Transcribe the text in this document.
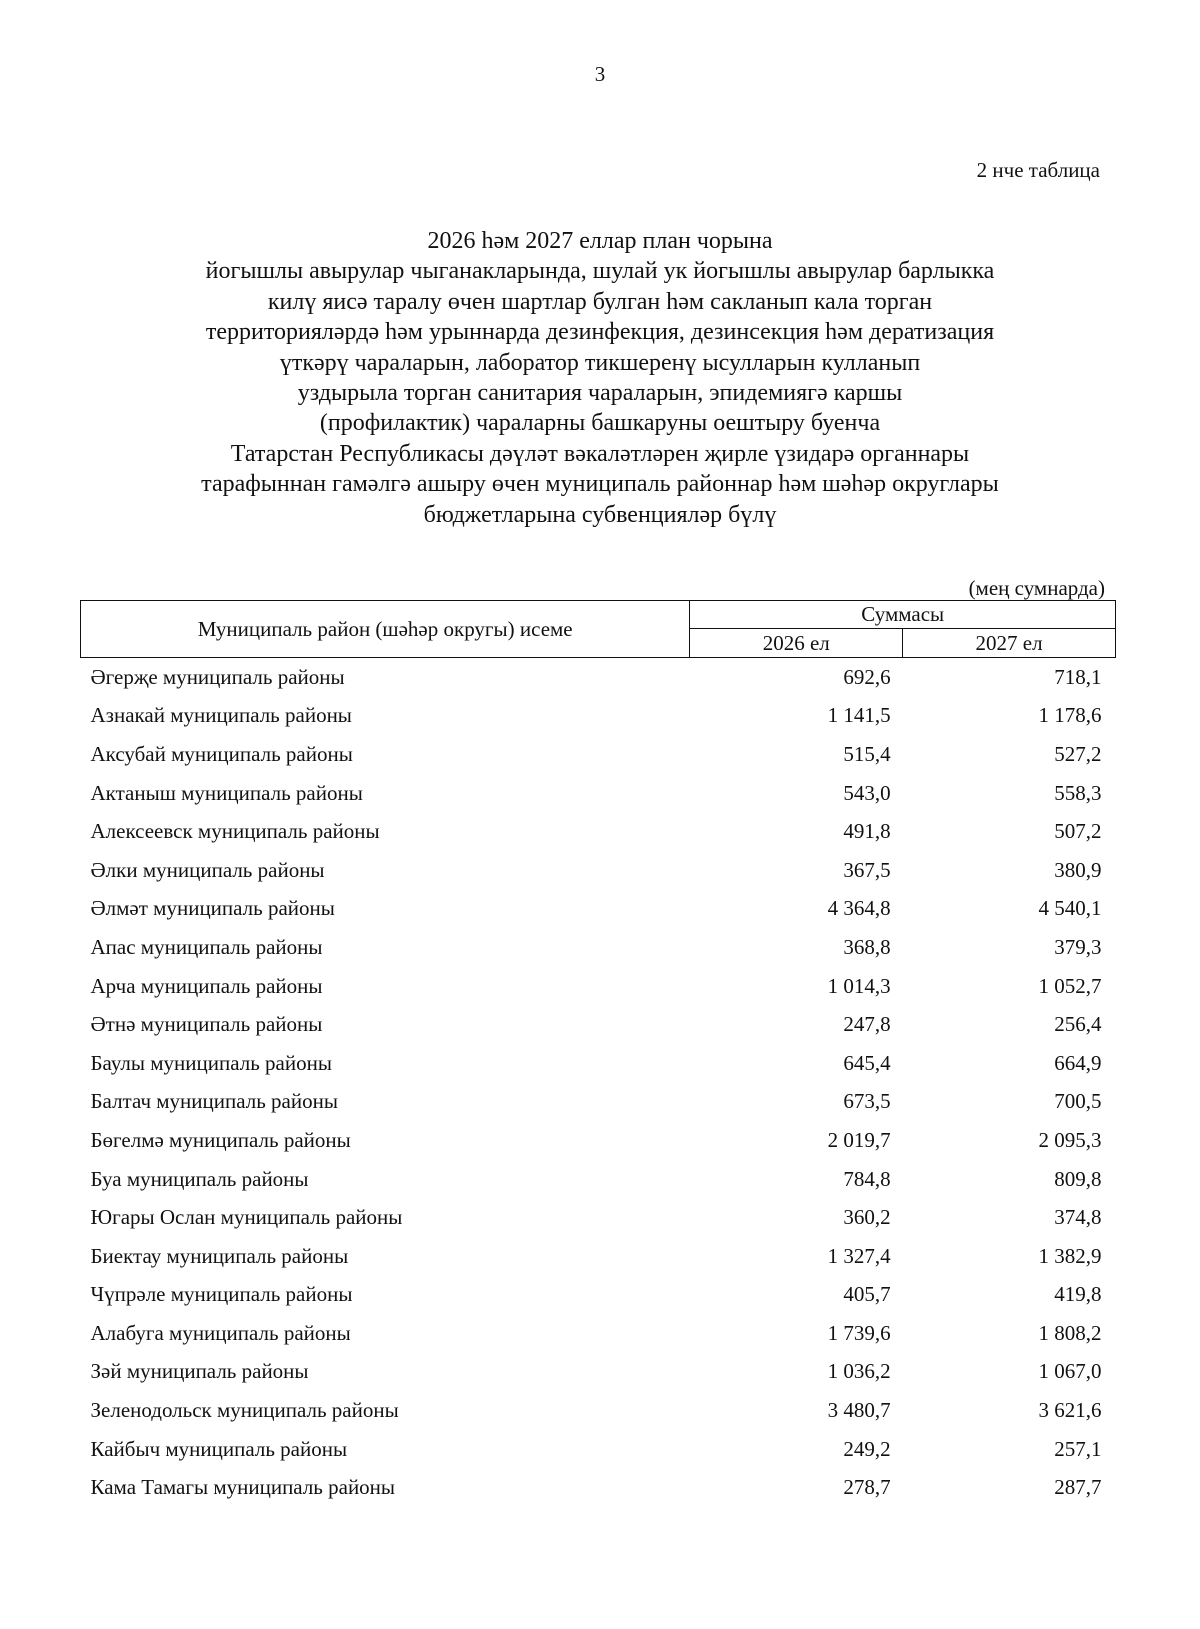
3
2 нче таблица
2026 һәм 2027 еллар план чорына
йогышлы авырулар чыганакларында, шулай ук йогышлы авырулар барлыкка
килү яисә таралу өчен шартлар булган һәм сакланып кала торган
территорияләрдә һәм урыннарда дезинфекция, дезинсекция һәм дератизация
үткәрү чараларын, лаборатор тикшеренү ысулларын кулланып
уздырыла торган санитария чараларын, эпидемиягә каршы
(профилактик) чараларны башкаруны оештыру буенча
Татарстан Республикасы дәүләт вәкаләтләрен җирле үзидарә органнары
тарафыннан гамәлгә ашыру өчен муниципаль районнар һәм шәһәр округлары
бюджетларына субвенцияләр бүлү
(мең сумнарда)
Муниципаль район (шәһәр округы) исеме	Суммасы	
	2026 ел	2027 ел
Әгерҗе муниципаль районы	692,6	718,1
Азнакай муниципаль районы	1 141,5	1 178,6
Аксубай муниципаль районы	515,4	527,2
Актаныш муниципаль районы	543,0	558,3
Алексеевск муниципаль районы	491,8	507,2
Әлки муниципаль районы	367,5	380,9
Әлмәт муниципаль районы	4 364,8	4 540,1
Апас муниципаль районы	368,8	379,3
Арча муниципаль районы	1 014,3	1 052,7
Әтнә муниципаль районы	247,8	256,4
Баулы муниципаль районы	645,4	664,9
Балтач муниципаль районы	673,5	700,5
Бөгелмә муниципаль районы	2 019,7	2 095,3
Буа муниципаль районы	784,8	809,8
Югары Ослан муниципаль районы	360,2	374,8
Биектау муниципаль районы	1 327,4	1 382,9
Чүпрәле муниципаль районы	405,7	419,8
Алабуга муниципаль районы	1 739,6	1 808,2
Зәй муниципаль районы	1 036,2	1 067,0
Зеленодольск муниципаль районы	3 480,7	3 621,6
Кайбыч муниципаль районы	249,2	257,1
Кама Тамагы муниципаль районы	278,7	287,7
